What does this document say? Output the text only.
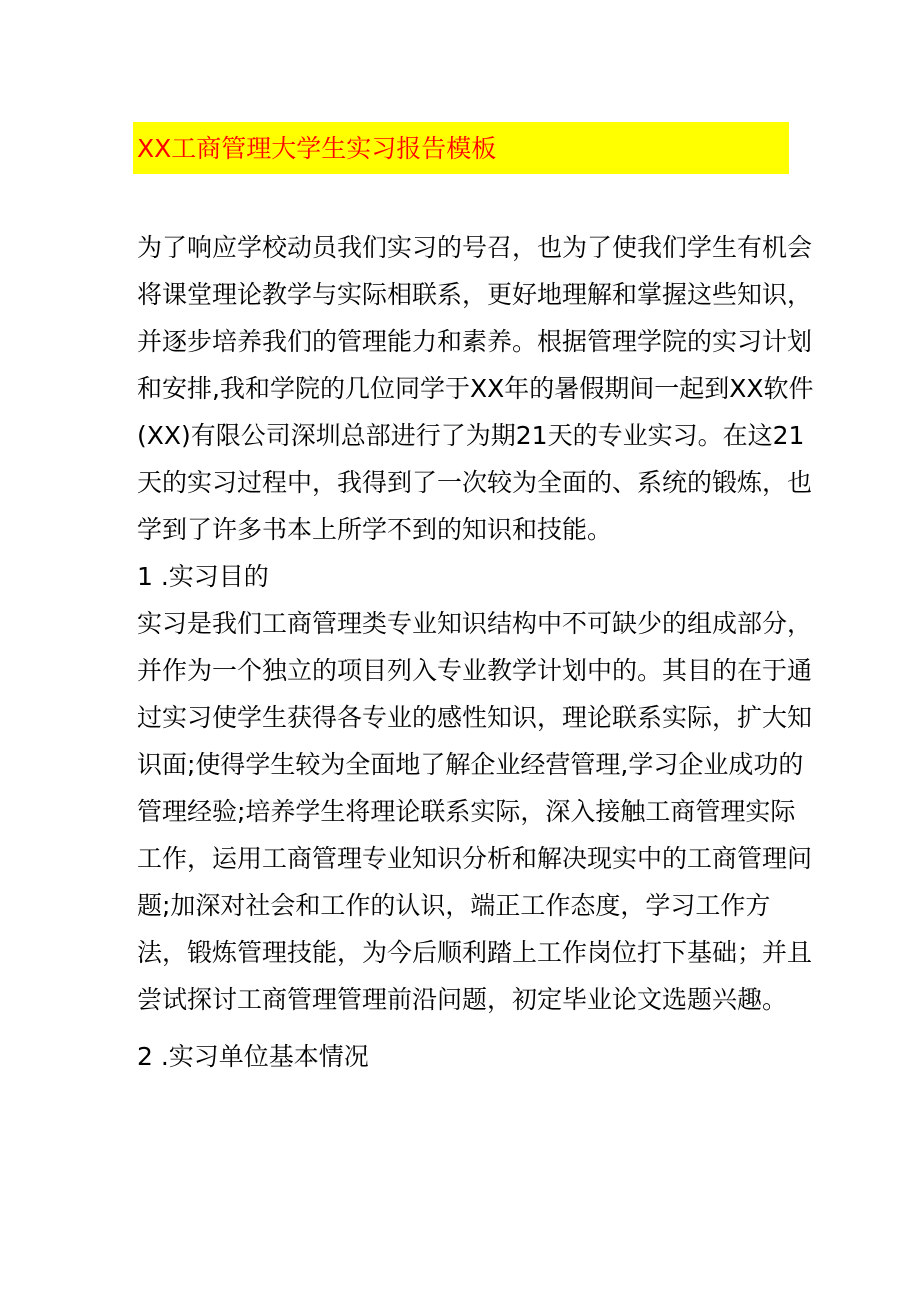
XX工商管理大学生实习报告模板

为了响应学校动员我们实习的号召，也为了使我们学生有机会将课堂理论教学与实际相联系，更好地理解和掌握这些知识，并逐步培养我们的管理能力和素养。根据管理学院的实习计划和安排,我和学院的几位同学于XX年的暑假期间一起到XX软件(XX)有限公司深圳总部进行了为期21天的专业实习。在这21天的实习过程中，我得到了一次较为全面的、系统的锻炼，也学到了许多书本上所学不到的知识和技能。

1 .实习目的

实习是我们工商管理类专业知识结构中不可缺少的组成部分，并作为一个独立的项目列入专业教学计划中的。其目的在于通过实习使学生获得各专业的感性知识，理论联系实际，扩大知识面;使得学生较为全面地了解企业经营管理,学习企业成功的管理经验;培养学生将理论联系实际，深入接触工商管理实际工作，运用工商管理专业知识分析和解决现实中的工商管理问题;加深对社会和工作的认识，端正工作态度，学习工作方法，锻炼管理技能，为今后顺利踏上工作岗位打下基础；并且尝试探讨工商管理管理前沿问题，初定毕业论文选题兴趣。

2 .实习单位基本情况
